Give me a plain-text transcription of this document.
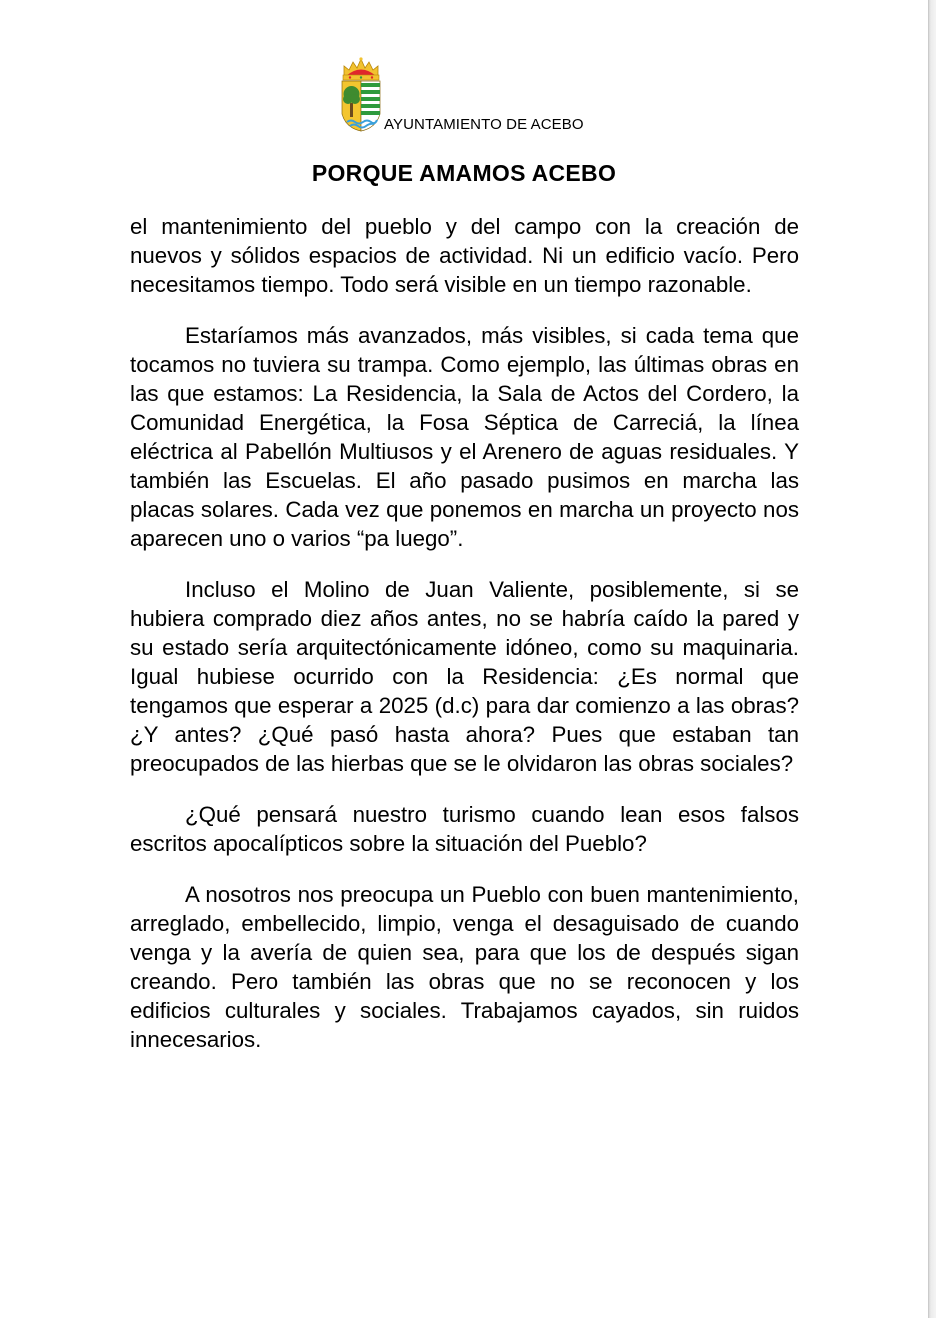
AYUNTAMIENTO DE ACEBO
PORQUE AMAMOS ACEBO

el mantenimiento del pueblo y del campo con la creación de nuevos y sólidos espacios de actividad. Ni un edificio vacío. Pero necesitamos tiempo. Todo será visible en un tiempo razonable.

Estaríamos más avanzados, más visibles, si cada tema que tocamos no tuviera su trampa. Como ejemplo, las últimas obras en las que estamos: La Residencia, la Sala de Actos del Cordero, la Comunidad Energética, la Fosa Séptica de Carreciá, la línea eléctrica al Pabellón Multiusos y el Arenero de aguas residuales. Y también las Escuelas. El año pasado pusimos en marcha las placas solares. Cada vez que ponemos en marcha un proyecto nos aparecen uno o varios “pa luego”.

Incluso el Molino de Juan Valiente, posiblemente, si se hubiera comprado diez años antes, no se habría caído la pared y su estado sería arquitectónicamente idóneo, como su maquinaria. Igual hubiese ocurrido con la Residencia: ¿Es normal que tengamos que esperar a 2025 (d.c) para dar comienzo a las obras? ¿Y antes? ¿Qué pasó hasta ahora? Pues que estaban tan preocupados de las hierbas que se le olvidaron las obras sociales?

¿Qué pensará nuestro turismo cuando lean esos falsos escritos apocalípticos sobre la situación del Pueblo?

A nosotros nos preocupa un Pueblo con buen mantenimiento, arreglado, embellecido, limpio, venga el desaguisado de cuando venga y la avería de quien sea, para que los de después sigan creando. Pero también las obras que no se reconocen y los edificios culturales y sociales. Trabajamos cayados, sin ruidos innecesarios.
